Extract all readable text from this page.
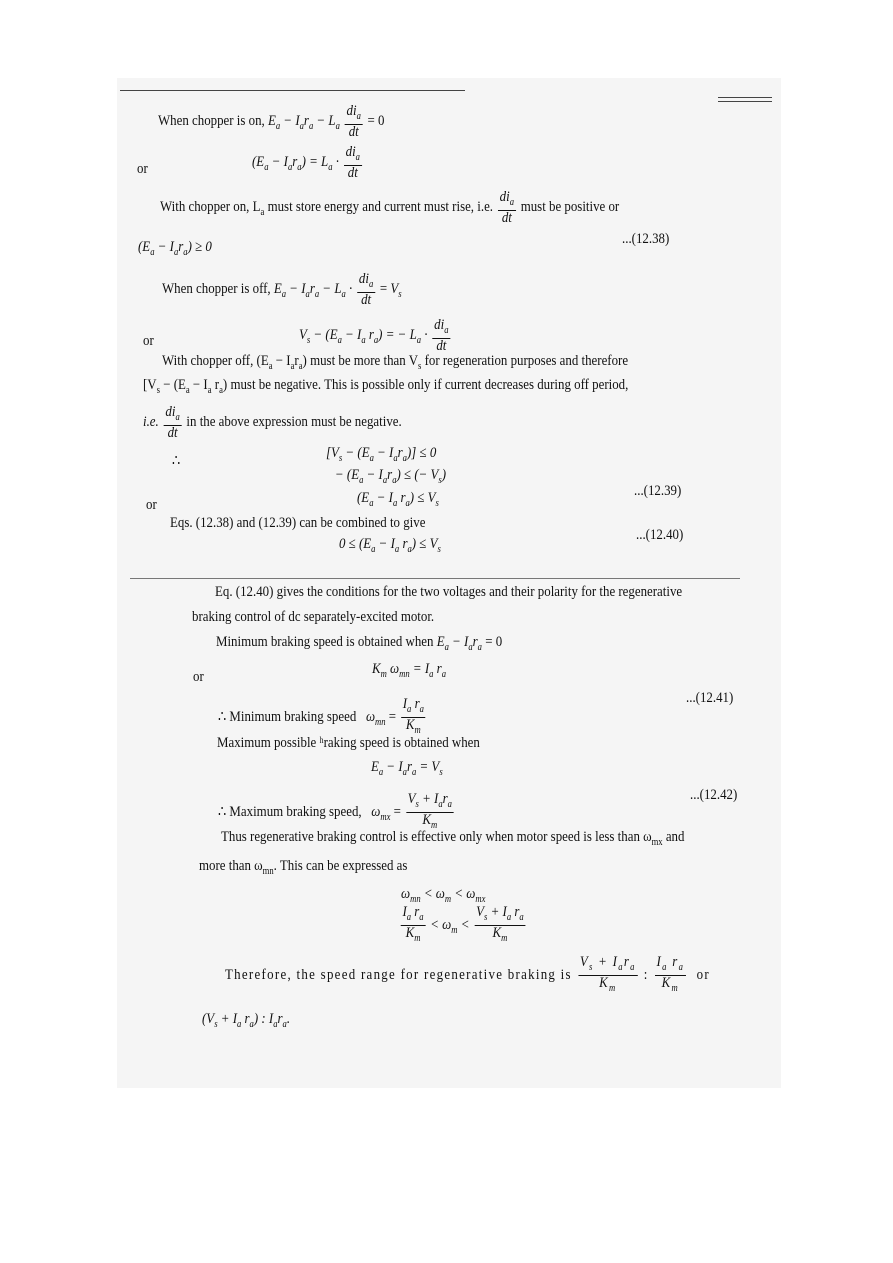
When chopper is on, $E_a - I_ar_a - L_a \frac{di_a}{dt} = 0$
or	$(E_a - I_ar_a) = L_a \cdot \frac{di_a}{dt}$
With chopper on, $L_a$ must store energy and current must rise, i.e. $\frac{di_a}{dt}$ must be positive or
$(E_a - I_ar_a) \ge 0$	...(12.38)
When chopper is off, $E_a - I_ar_a - L_a \cdot \frac{di_a}{dt} = V_s$
or	$V_s - (E_a - I_a$ $r_a$) = − $L_a \cdot \frac{di_a}{dt}$
With chopper off, $(E_a - I_ar_a)$ must be more than $V_s$ for regeneration purposes and therefore
[$V_s - (E_a - I_a$ $r_a$) must be negative. This is possible only if current decreases during off period,
i.e. $\frac{di_a}{dt}$ in the above expression must be negative.
∴	$[V_s - (E_a - I_ar_a)] \le 0$
− $(E_a - I_ar_a)$ ≤ (− $V_s$)
or	($E_a - I_a$ $r_a) \le V_s$
...(12.39)
Eqs. (12.38) and (12.39) can be combined to give
$0 \le (E_a - I_a$ $r_a) \le V_s$
...(12.40)
Eq. (12.40) gives the conditions for the two voltages and their polarity for the regenerative
braking control of dc separately-excited motor.
Minimum braking speed is obtained when $E_a - I_ar_a = 0$
or	$K_m$ $\omega_{mn} = I_a$ $r_a$
∴ Minimum braking speed $\omega_{mn} = \frac{I_a r_a}{K_m}$	...(12.41)
Maximum possible ʰraking speed is obtained when
$E_a - I_ar_a = V_s$
∴ Maximum braking speed, $\omega_{mx} = \frac{V_s + I_ar_a}{K_m}$	...(12.42)
Thus regenerative braking control is effective only when motor speed is less than $\omega_{mx}$ and
more than $\omega_{mn}$. This can be expressed as
$\omega_{mn} < \omega_m < \omega_{mx}$
$\frac{I_a r_a}{K_m} < \omega_m < \frac{V_s + I_a r_a}{K_m}$
Therefore, the speed range for regenerative braking is $\frac{V_s + I_ar_a}{K_m}$ : $\frac{I_a r_a}{K_m}$ or
($V_s + I_a$ $r_a$) : $I_ar_a$.
